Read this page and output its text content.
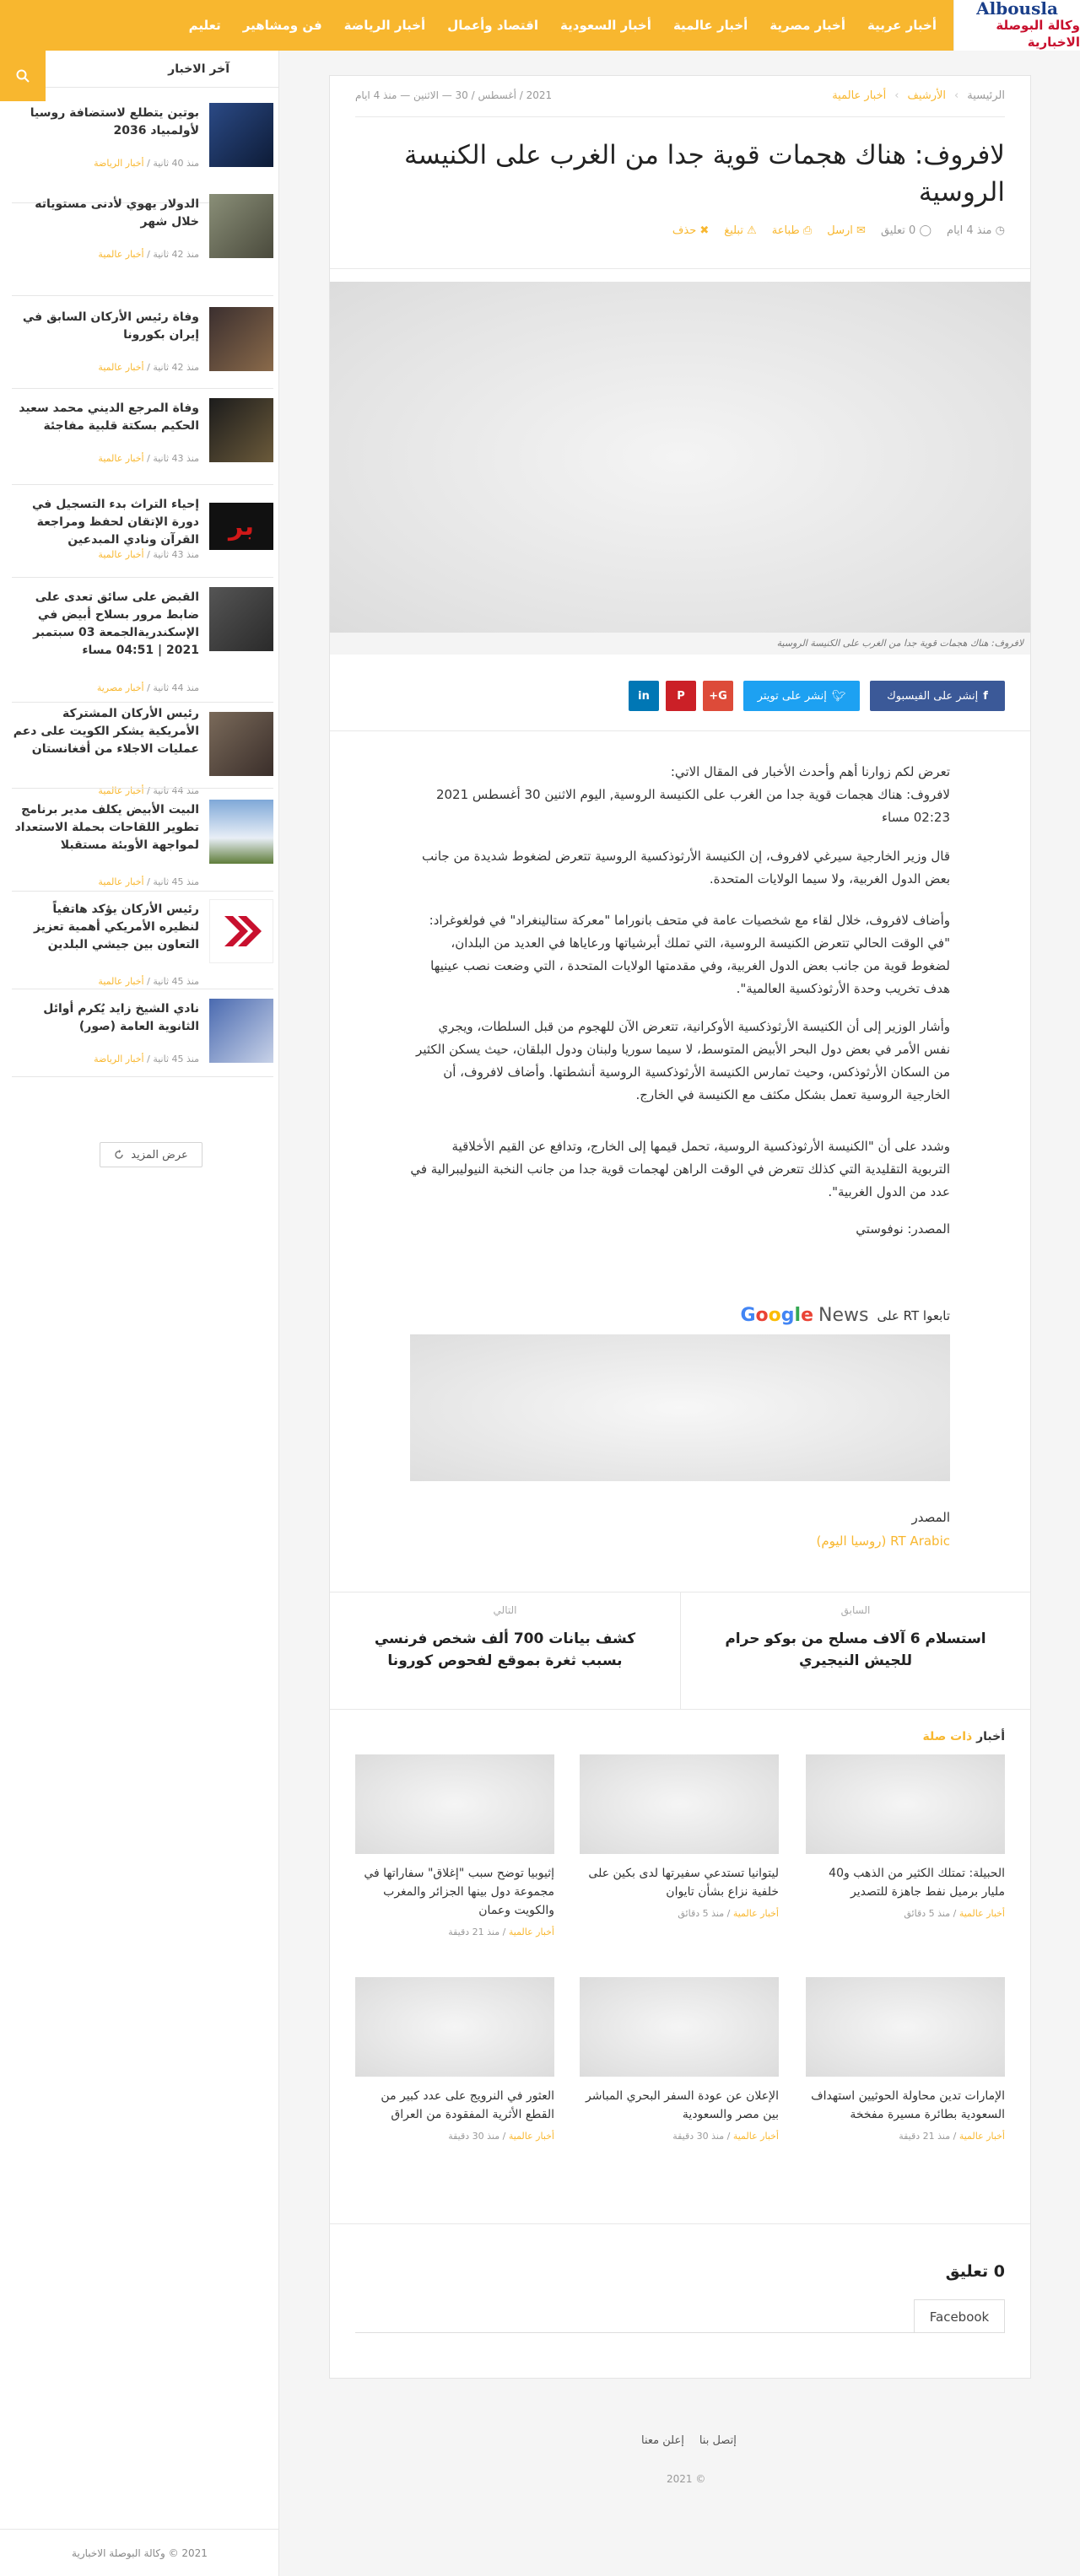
Albousla
وكالة البوصلة الاخبارية
أخبار عربية
أخبار مصرية
أخبار عالمية
أخبار السعودية
اقتصاد وأعمال
أخبار الرياضة
فن ومشاهير
تعليم
آخر الاخبار
بوتين يتطلع لاستضافة روسيا لأولمبياد 2036
منذ 40 ثانية / أخبار الرياضة
الدولار يهوي لأدنى مستوياته خلال شهر
منذ 42 ثانية / أخبار عالمية
وفاة رئيس الأركان السابق في إيران بكورونا
منذ 42 ثانية / أخبار عالمية
وفاة المرجع الديني محمد سعيد الحكيم بسكتة قلبية مفاجئة
منذ 43 ثانية / أخبار عالمية
بر
إحياء التراث بدء التسجيل في دورة الإتقان لحفظ ومراجعة القرآن ونادي المبدعين
منذ 43 ثانية / أخبار عالمية
القبض على سائق تعدى على ضابط مرور بسلاح أبيض في الإسكندريةالجمعة 03 سبتمبر 2021 | 04:51 مساء
منذ 44 ثانية / أخبار مصرية
رئيس الأركان المشتركة الأمريكية يشكر الكويت على دعم عمليات الاجلاء من أفغانستان
منذ 44 ثانية / أخبار عالمية
البيت الأبيض يكلف مدير برنامج تطوير اللقاحات بحملة الاستعداد لمواجهة الأوبئة مستقبلا
منذ 45 ثانية / أخبار عالمية
رئيس الأركان يؤكد هاتفياً لنظيره الأمريكي أهمية تعزيز التعاون بين جيشي البلدين
منذ 45 ثانية / أخبار عالمية
نادي الشيخ زايد يُكرم أوائل الثانوية العامة (صور)
منذ 45 ثانية / أخبار الرياضة
عرض المزيد
2021 © وكالة البوصلة الاخبارية
الرئيسية
›
الأرشيف
›
أخبار عالمية
2021 / أغسطس / 30 — الاثنين — منذ 4 ايام
لافروف: هناك هجمات قوية جدا من الغرب على الكنيسة الروسية
◷ منذ 4 ايام
◯ 0 تعليق
✉ ارسل
⎙ طباعة
⚠ تبليغ
✖ حذف
لافروف: هناك هجمات قوية جدا من الغرب على الكنيسة الروسية
f
إنشر على الفيسبوك
🐦︎
إنشر على تويتر
G+
P
in

تعرض لكم زوارنا أهم وأحدث الأخبار فى المقال الاتي:
لافروف: هناك هجمات قوية جدا من الغرب على الكنيسة الروسية, اليوم الاثنين 30 أغسطس 2021 02:23 مساء

قال وزير الخارجية سيرغي لافروف، إن الكنيسة الأرثوذكسية الروسية تتعرض لضغوط شديدة من جانب بعض الدول الغربية، ولا سيما الولايات المتحدة.

وأضاف لافروف، خلال لقاء مع شخصيات عامة في متحف بانوراما "معركة ستالينغراد" في فولغوغراد: "في الوقت الحالي تتعرض الكنيسة الروسية، التي تملك أبرشياتها ورعاياها في العديد من البلدان، لضغوط قوية من جانب بعض الدول الغربية، وفي مقدمتها الولايات المتحدة ، التي وضعت نصب عينيها هدف تخريب وحدة الأرثوذكسية العالمية".

وأشار الوزير إلى أن الكنيسة الأرثوذكسية الأوكرانية، تتعرض الآن للهجوم من قبل السلطات، ويجري نفس الأمر في بعض دول البحر الأبيض المتوسط، لا سيما سوريا ولبنان ودول البلقان، حيث يسكن الكثير من السكان الأرثوذكس، وحيث تمارس الكنيسة الأرثوذكسية الروسية أنشطتها. وأضاف لافروف، أن الخارجية الروسية تعمل بشكل مكثف مع الكنيسة في الخارج.

وشدد على أن "الكنيسة الأرثوذكسية الروسية، تحمل قيمها إلى الخارج، وتدافع عن القيم الأخلاقية التربوية التقليدية التي كذلك تتعرض في الوقت الراهن لهجمات قوية جدا من جانب النخبة النيوليبرالية في عدد من الدول الغربية".

المصدر: نوفوستي

تابعوا RT على
Google News
المصدر
RT Arabic (روسيا اليوم)
السابق
استسلام 6 آلاف مسلح من بوكو حرام للجيش النيجيري
التالي
كشف بيانات 700 ألف شخص فرنسي بسبب ثغرة بموقع لفحوص كورونا
أخبار ذات صلة
الحبيلة: تمتلك الكثير من الذهب و40 مليار برميل نفط جاهزة للتصدير
أخبار عالمية / منذ 5 دقائق
ليتوانيا تستدعي سفيرتها لدى بكين على خلفية نزاع بشأن تايوان
أخبار عالمية / منذ 5 دقائق
إثيوبيا توضح سبب "إغلاق" سفاراتها في مجموعة دول بينها الجزائر والمغرب والكويت وعمان
أخبار عالمية / منذ 21 دقيقة
الإمارات تدين محاولة الحوثيين استهداف السعودية بطائرة مسيرة مفخخة
أخبار عالمية / منذ 21 دقيقة
الإعلان عن عودة السفر البحري المباشر بين مصر والسعودية
أخبار عالمية / منذ 30 دقيقة
العثور في النرويج على عدد كبير من القطع الأثرية المفقودة من العراق
أخبار عالمية / منذ 30 دقيقة
0 تعليق
Facebook
إتصل بنا
إعلن معنا
© 2021
